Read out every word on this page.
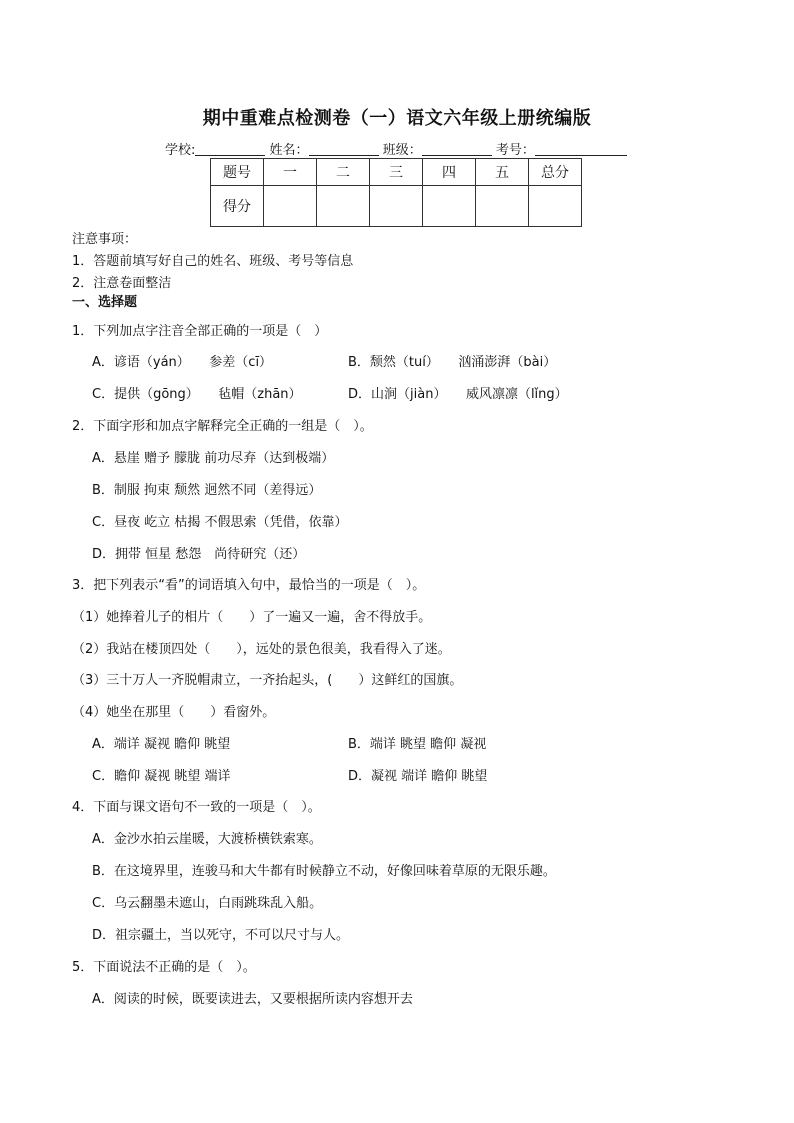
期中重难点检测卷（一）语文六年级上册统编版
学校:	姓名：	班级：	考号：
题号	一	二	三	四	五	总分
得分						
注意事项：
1．答题前填写好自己的姓名、班级、考号等信息
2．注意卷面整洁
一、选择题
1．下列加点字注音全部正确的一项是（　）
A．谚语（yán）　　参差（cī）	B．颓然（tuí）　　汹涌澎湃（bài）
C．提供（gōng）　　毡帽（zhān）	D．山涧（jiàn）　　威风凛凛（lǐng）
2．下面字形和加点字解释完全正确的一组是（　）。
A．悬崖 赠予 朦胧 前功尽弃（达到极端）
B．制服 拘束 颓然 迥然不同（差得远）
C．昼夜 屹立 枯揭 不假思索（凭借，依靠）
D．拥带 恒星 愁怨　尚待研究（还）
3．把下列表示“看”的词语填入句中，最恰当的一项是（　）。
（1）她捧着儿子的相片（　　）了一遍又一遍，舍不得放手。
（2）我站在楼顶四处（　　），远处的景色很美，我看得入了迷。
（3）三十万人一齐脱帽肃立，一齐抬起头，(　　）这鲜红的国旗。
（4）她坐在那里（　　）看窗外。
A．端详 凝视 瞻仰 眺望	B．端详 眺望 瞻仰 凝视
C．瞻仰 凝视 眺望 端详	D．凝视 端详 瞻仰 眺望
4．下面与课文语句不一致的一项是（　）。
A．金沙水拍云崖暖，大渡桥横铁索寒。
B．在这境界里，连骏马和大牛都有时候静立不动，好像回味着草原的无限乐趣。
C．乌云翻墨未遮山，白雨跳珠乱入船。
D．祖宗疆土，当以死守，不可以尺寸与人。
5．下面说法不正确的是（　）。
A．阅读的时候，既要读进去，又要根据所读内容想开去
